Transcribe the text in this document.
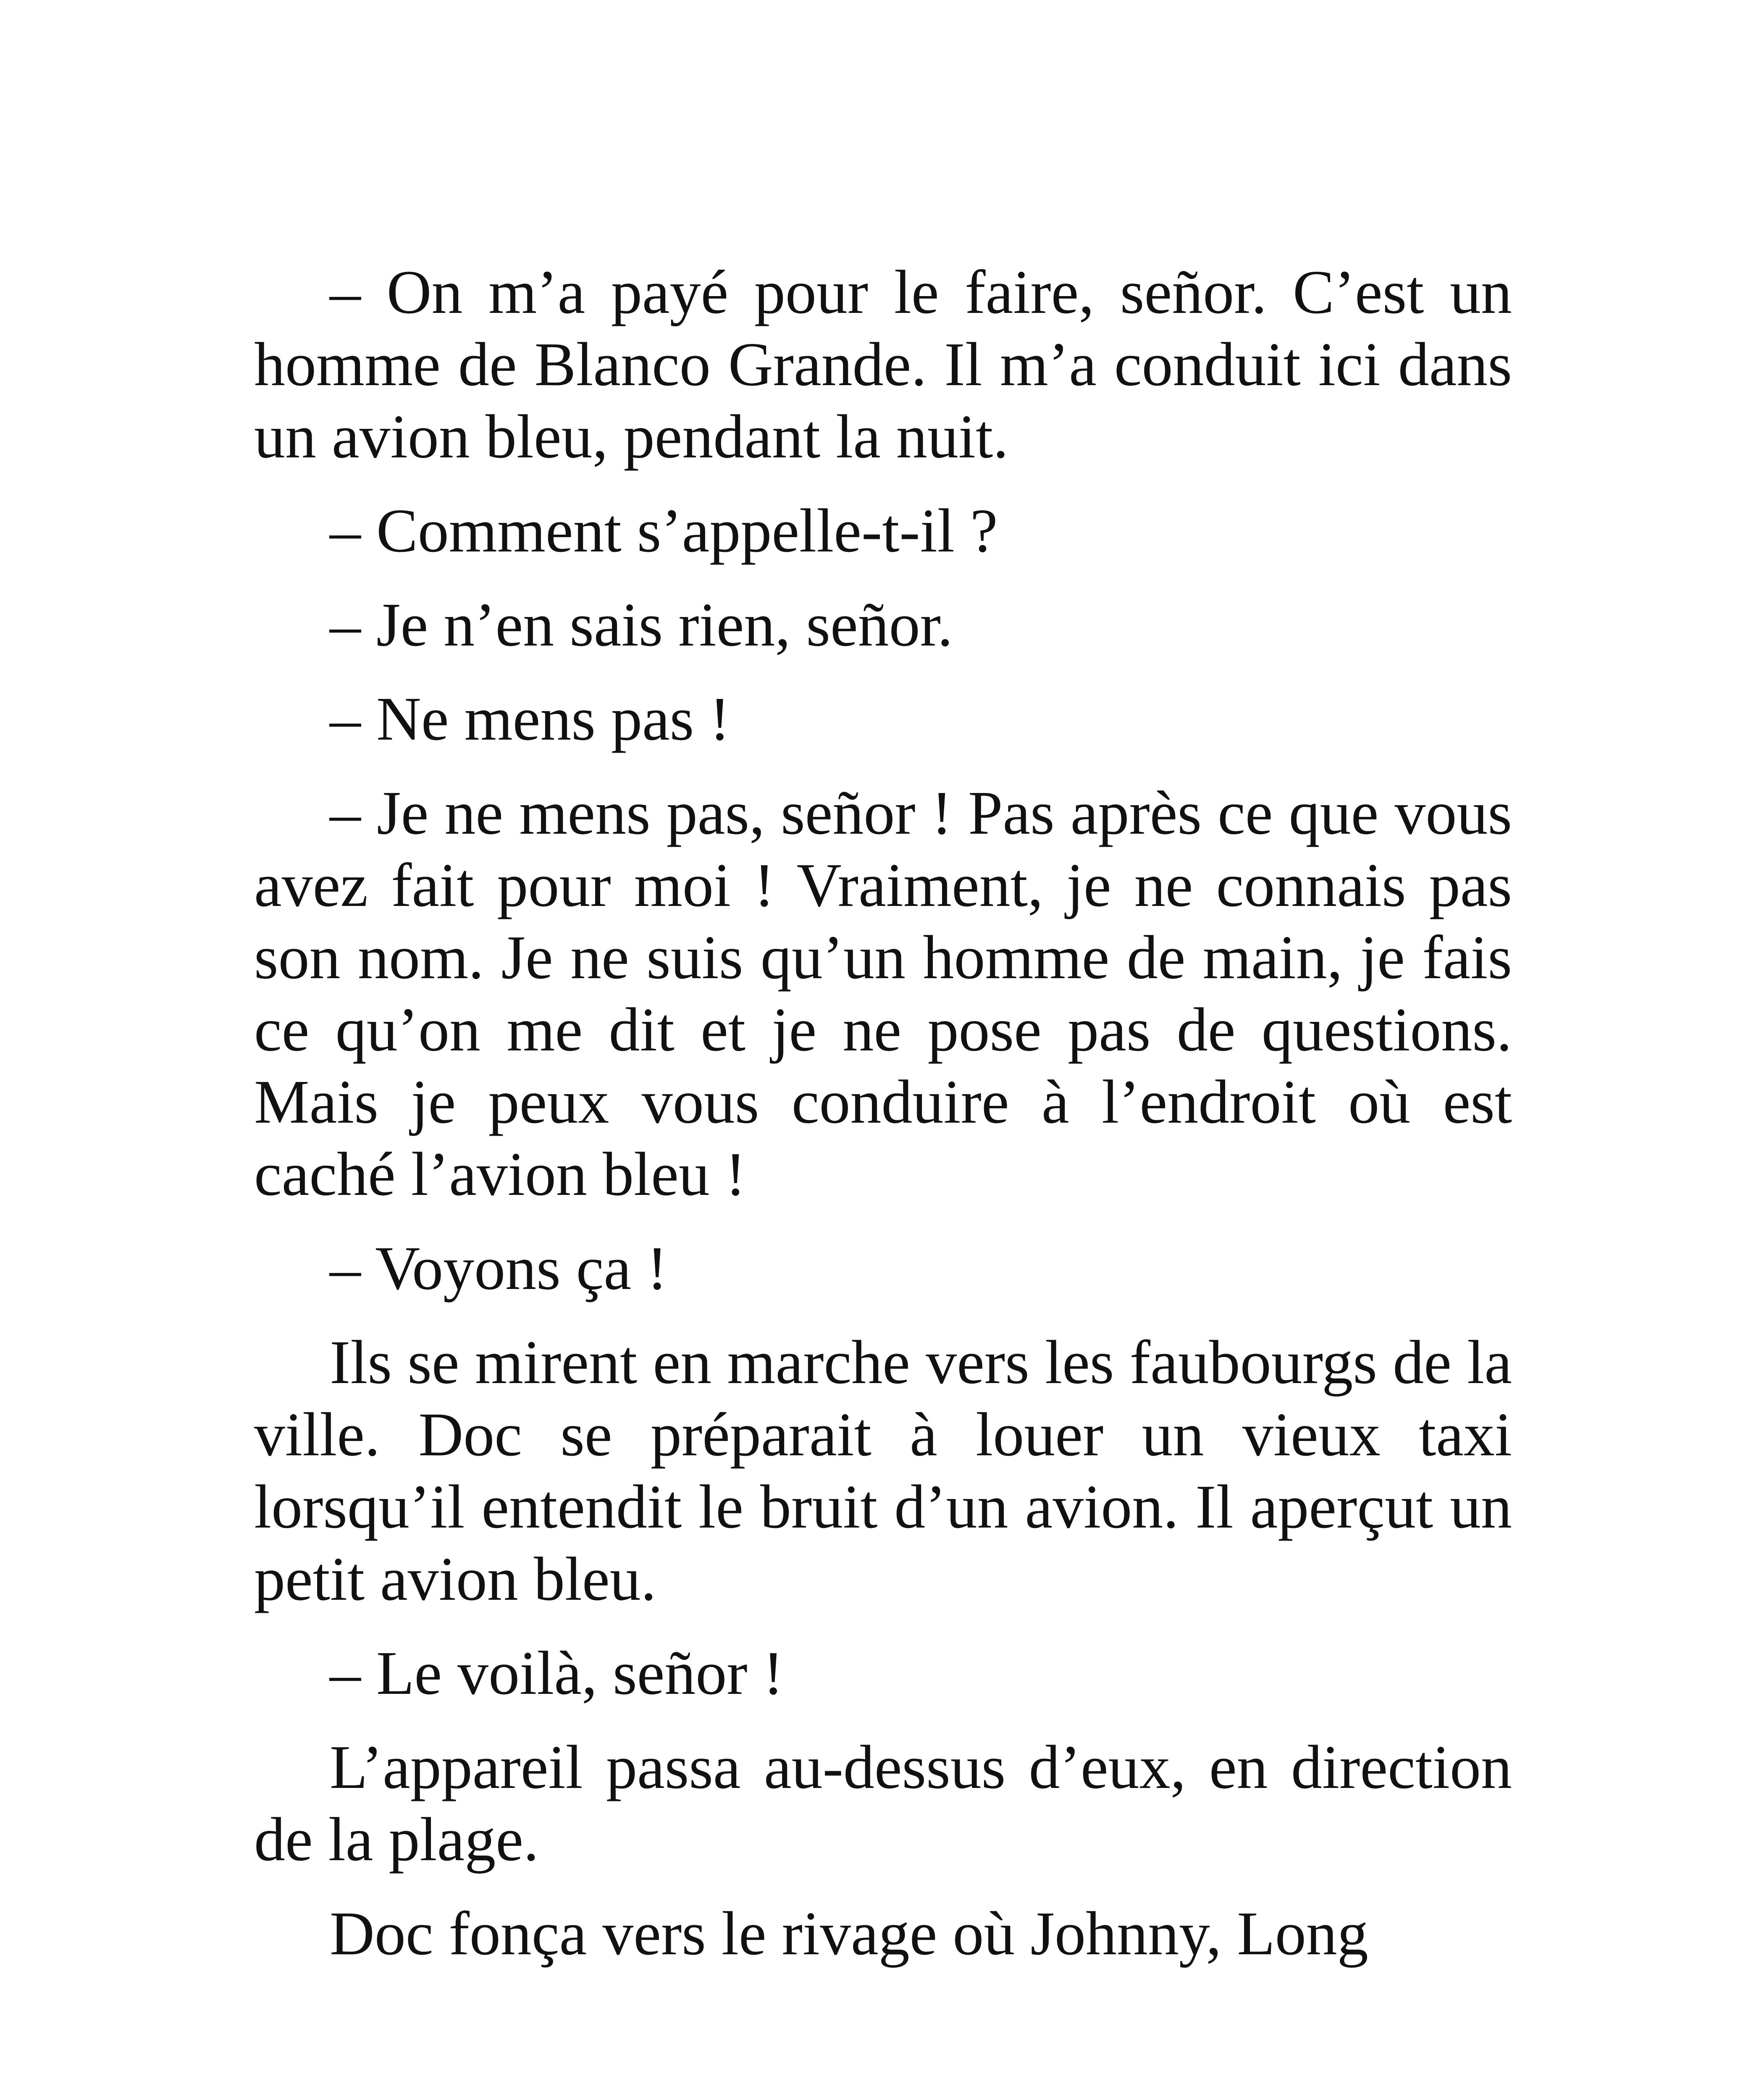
– On m’a payé pour le faire, señor. C’est un homme de Blanco Grande. Il m’a conduit ici dans un avion bleu, pendant la nuit.

– Comment s’appelle-t-il ?

– Je n’en sais rien, señor.

– Ne mens pas !

– Je ne mens pas, señor ! Pas après ce que vous avez fait pour moi ! Vraiment, je ne connais pas son nom. Je ne suis qu’un homme de main, je fais ce qu’on me dit et je ne pose pas de questions. Mais je peux vous conduire à l’endroit où est caché l’avion bleu !

– Voyons ça !

Ils se mirent en marche vers les faubourgs de la ville. Doc se préparait à louer un vieux taxi lorsqu’il entendit le bruit d’un avion. Il aperçut un petit avion bleu.

– Le voilà, señor !

L’appareil passa au-dessus d’eux, en direction de la plage.

Doc fonça vers le rivage où Johnny, Long
